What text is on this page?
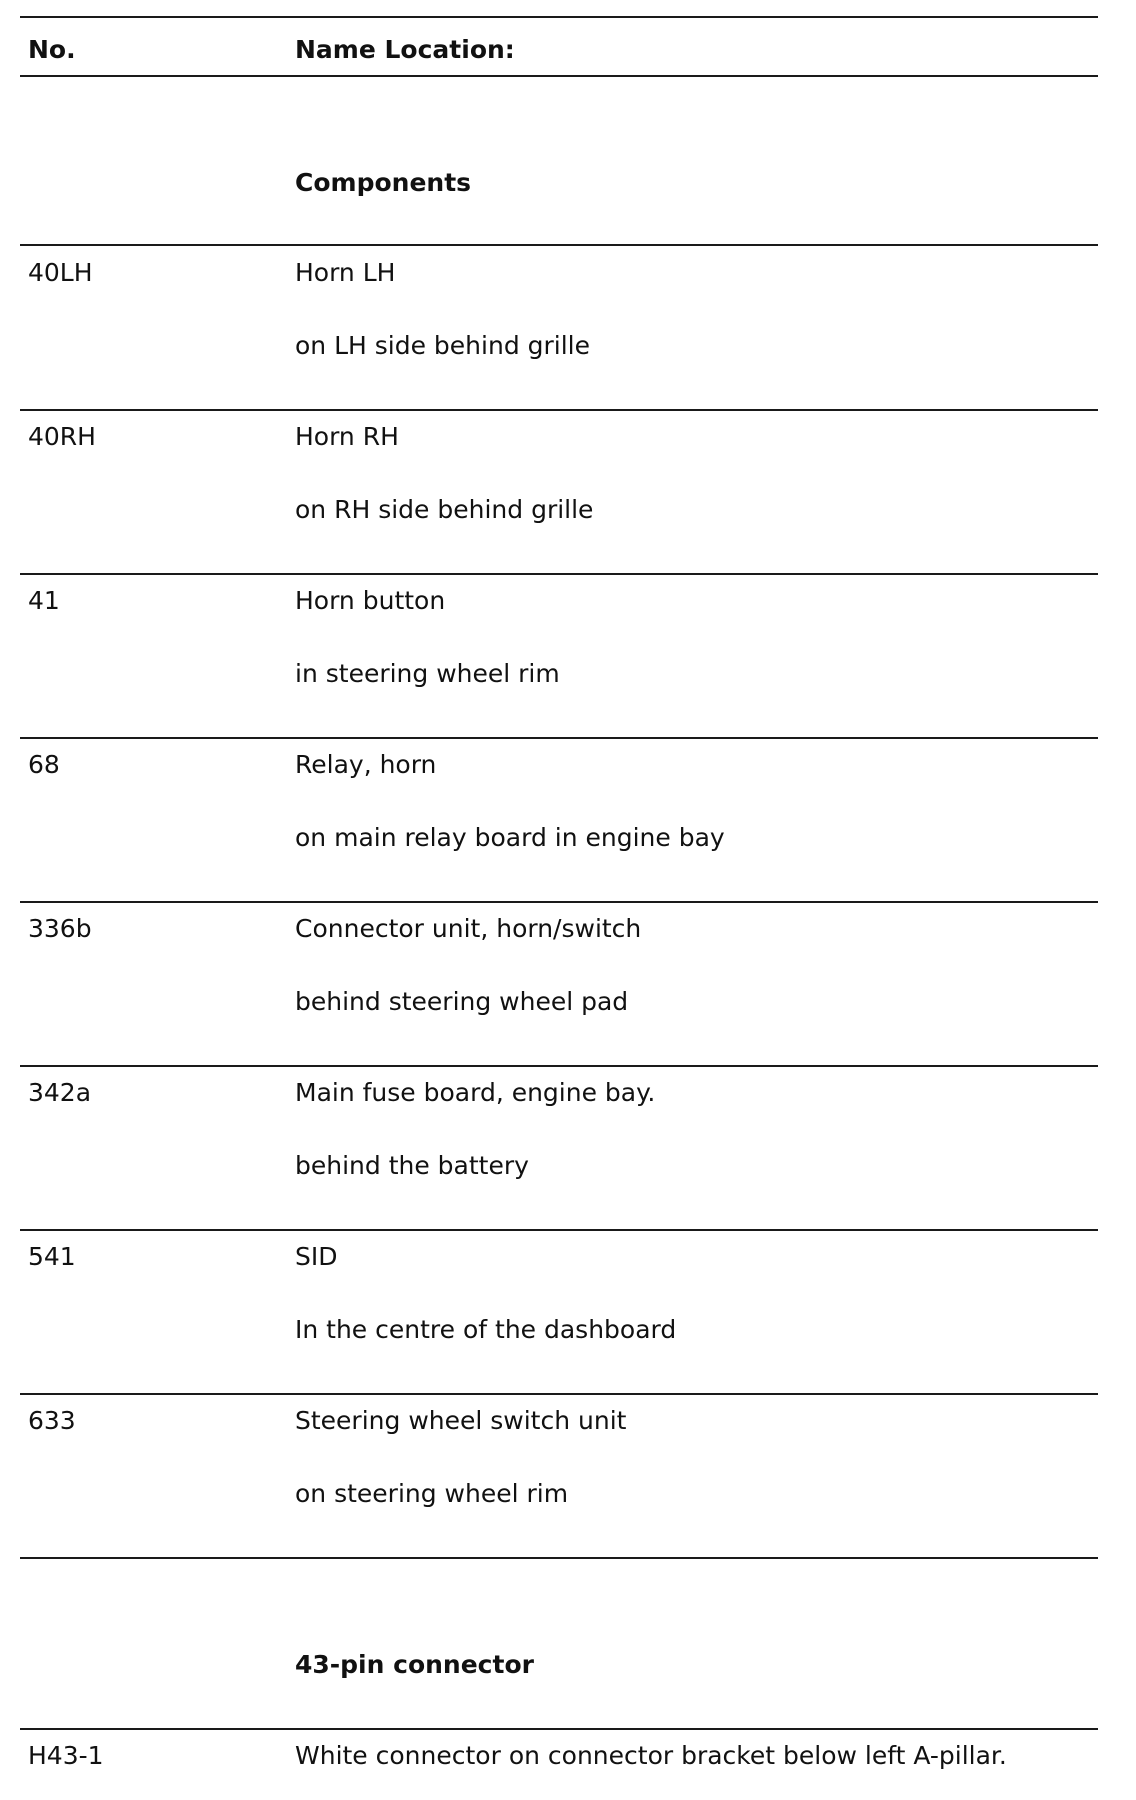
No.	Name Location:
Components
40LH	Horn LH
on LH side behind grille
40RH	Horn RH
on RH side behind grille
41	Horn button
in steering wheel rim
68	Relay, horn
on main relay board in engine bay
336b	Connector unit, horn/switch
behind steering wheel pad
342a	Main fuse board, engine bay.
behind the battery
541	SID
In the centre of the dashboard
633	Steering wheel switch unit
on steering wheel rim
43-pin connector
H43-1	White connector on connector bracket below left A-pillar.
